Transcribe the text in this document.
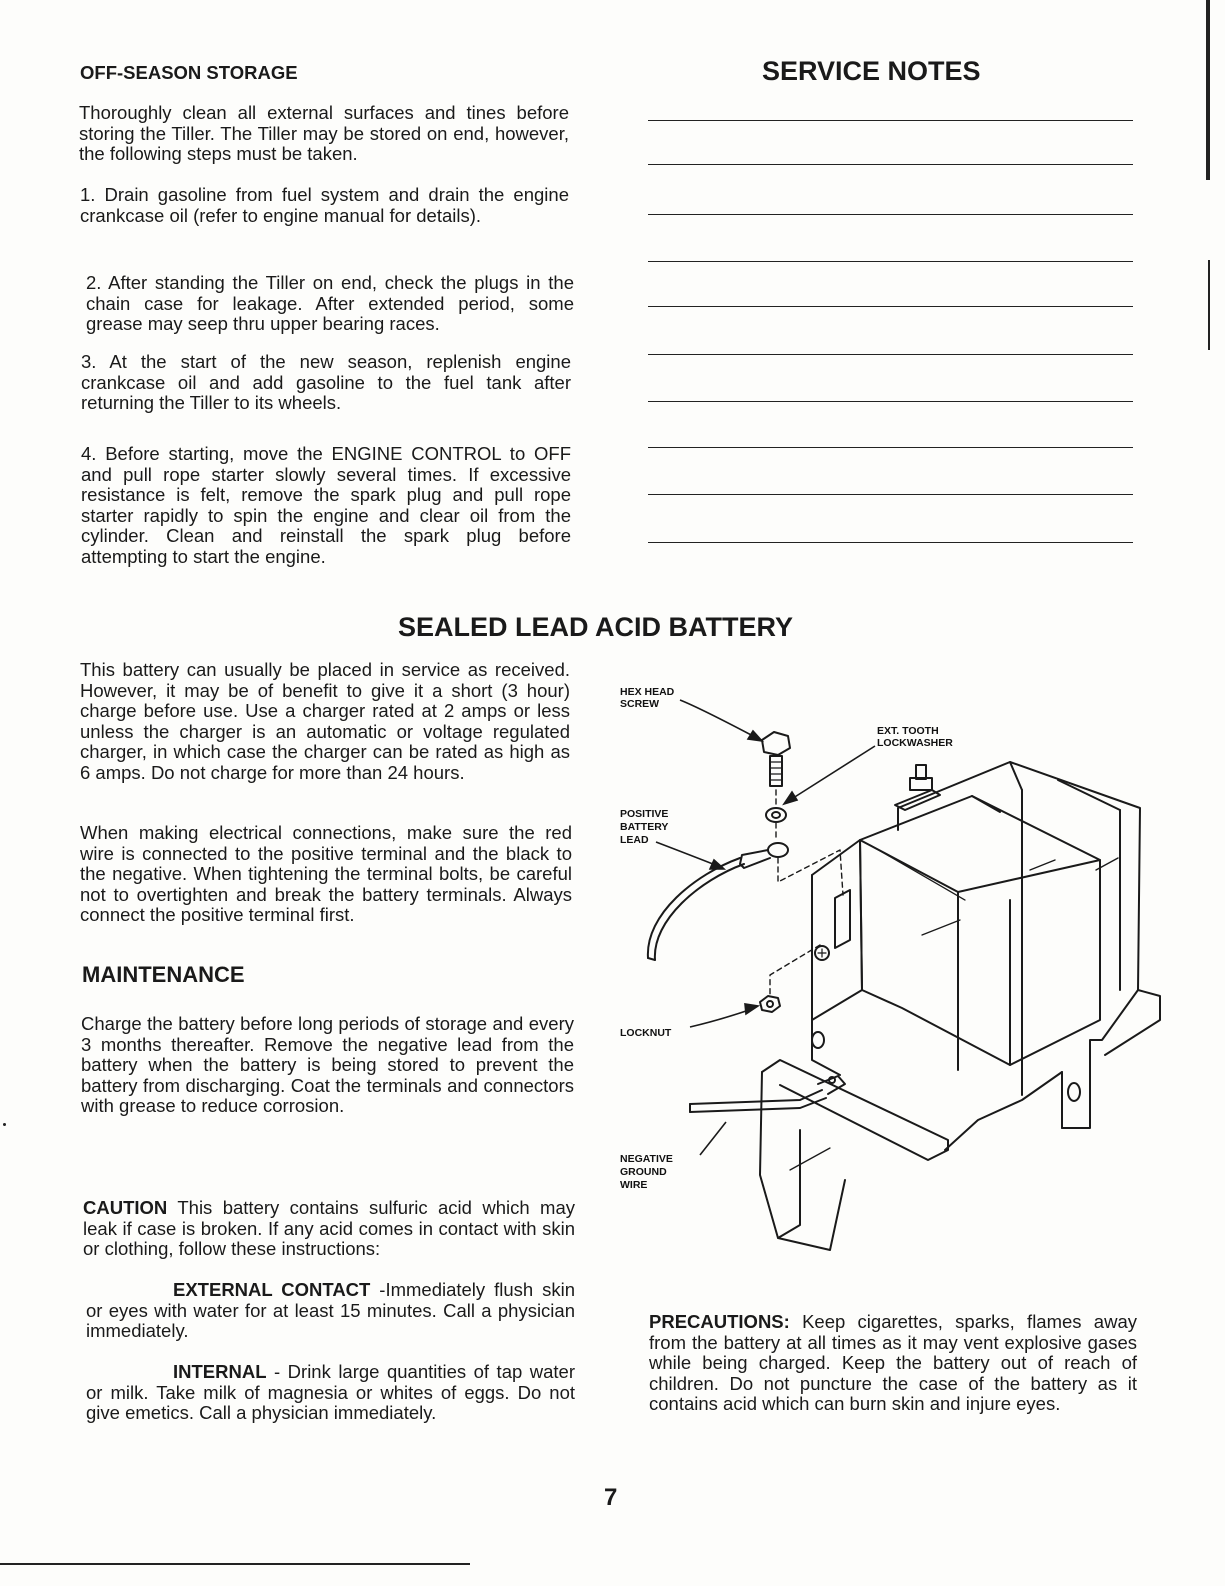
OFF-SEASON STORAGE
Thoroughly clean all external surfaces and tines before storing the Tiller. The Tiller may be stored on end, however, the following steps must be taken.
1. Drain gasoline from fuel system and drain the engine crankcase oil (refer to engine manual for details).
2. After standing the Tiller on end, check the plugs in the chain case for leakage. After extended period, some grease may seep thru upper bearing races.
3. At the start of the new season, replenish engine crankcase oil and add gasoline to the fuel tank after returning the Tiller to its wheels.
4. Before starting, move the ENGINE CONTROL to OFF and pull rope starter slowly several times. If excessive resistance is felt, remove the spark plug and pull rope starter rapidly to spin the engine and clear oil from the cylinder. Clean and reinstall the spark plug before attempting to start the engine.
SERVICE NOTES
SEALED LEAD ACID BATTERY
This battery can usually be placed in service as received. However, it may be of benefit to give it a short (3 hour) charge before use. Use a charger rated at 2 amps or less unless the charger is an automatic or voltage regulated charger, in which case the charger can be rated as high as 6 amps. Do not charge for more than 24 hours.
When making electrical connections, make sure the red wire is connected to the positive terminal and the black to the negative. When tightening the terminal bolts, be careful not to overtighten and break the battery terminals. Always connect the positive terminal first.
MAINTENANCE
Charge the battery before long periods of storage and every 3 months thereafter. Remove the negative lead from the battery when the battery is being stored to prevent the battery from discharging. Coat the terminals and connectors with grease to reduce corrosion.
CAUTION This battery contains sulfuric acid which may leak if case is broken. If any acid comes in contact with skin or clothing, follow these instructions:
EXTERNAL CONTACT -Immediately flush skin or eyes with water for at least 15 minutes. Call a physician immediately.
INTERNAL - Drink large quantities of tap water or milk. Take milk of magnesia or whites of eggs. Do not give emetics. Call a physician immediately.
PRECAUTIONS: Keep cigarettes, sparks, flames away from the battery at all times as it may vent explosive gases while being charged. Keep the battery out of reach of children. Do not puncture the case of the battery as it contains acid which can burn skin and injure eyes.
HEX HEAD
SCREW
EXT. TOOTH
LOCKWASHER
POSITIVE
BATTERY
LEAD
LOCKNUT
NEGATIVE
GROUND
WIRE
7
